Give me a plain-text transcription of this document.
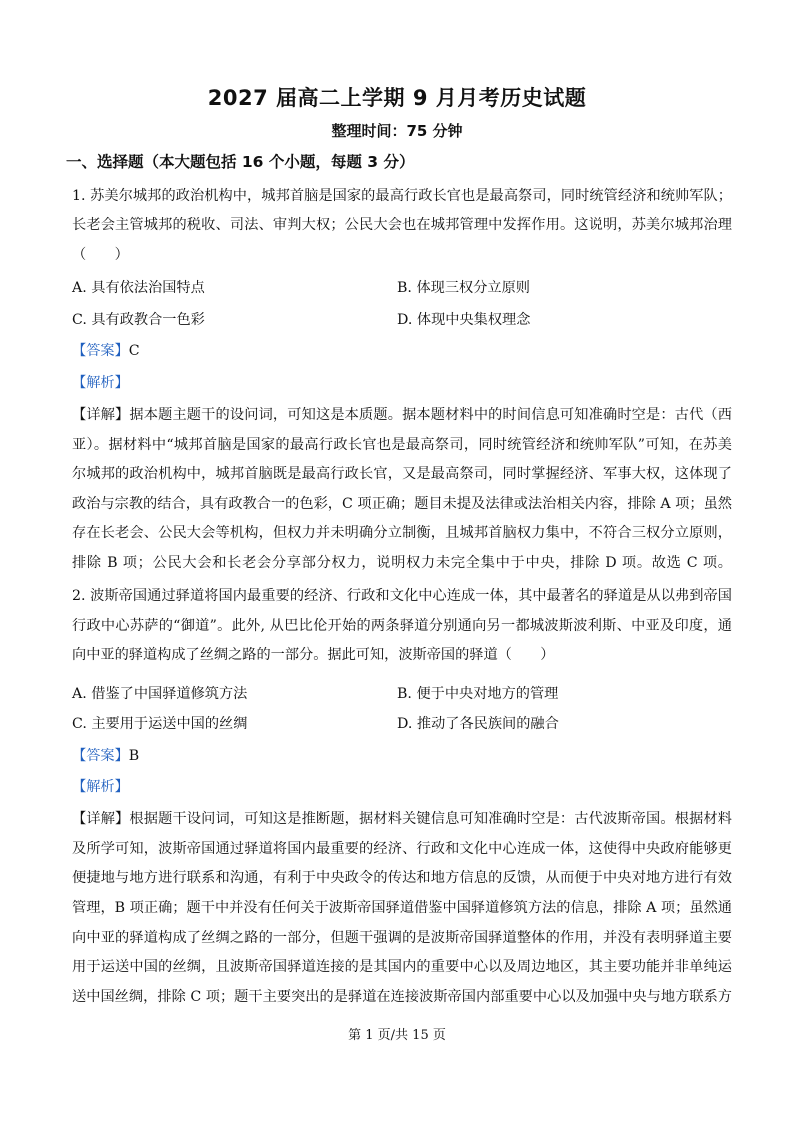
2027 届高二上学期 9 月月考历史试题
整理时间：75 分钟
一、选择题（本大题包括 16 个小题，每题 3 分）
1. 苏美尔城邦的政治机构中，城邦首脑是国家的最高行政长官也是最高祭司，同时统管经济和统帅军队；
长老会主管城邦的税收、司法、审判大权；公民大会也在城邦管理中发挥作用。这说明，苏美尔城邦治理
（　　）
A. 具有依法治国特点	B. 体现三权分立原则
C. 具有政教合一色彩	D. 体现中央集权理念
【答案】C
【解析】
【详解】据本题主题干的设问词，可知这是本质题。据本题材料中的时间信息可知准确时空是：古代（西
亚）。据材料中“城邦首脑是国家的最高行政长官也是最高祭司，同时统管经济和统帅军队”可知，在苏美
尔城邦的政治机构中，城邦首脑既是最高行政长官，又是最高祭司，同时掌握经济、军事大权，这体现了
政治与宗教的结合，具有政教合一的色彩，C 项正确；题目未提及法律或法治相关内容，排除 A 项；虽然
存在长老会、公民大会等机构，但权力并未明确分立制衡，且城邦首脑权力集中，不符合三权分立原则，
排除 B 项；公民大会和长老会分享部分权力，说明权力未完全集中于中央，排除 D 项。故选 C 项。
2. 波斯帝国通过驿道将国内最重要的经济、行政和文化中心连成一体，其中最著名的驿道是从以弗到帝国
行政中心苏萨的“御道”。此外, 从巴比伦开始的两条驿道分别通向另一都城波斯波利斯、中亚及印度，通
向中亚的驿道构成了丝绸之路的一部分。据此可知，波斯帝国的驿道（　　）
A. 借鉴了中国驿道修筑方法	B. 便于中央对地方的管理
C. 主要用于运送中国的丝绸	D. 推动了各民族间的融合
【答案】B
【解析】
【详解】根据题干设问词，可知这是推断题，据材料关键信息可知准确时空是：古代波斯帝国。根据材料
及所学可知，波斯帝国通过驿道将国内最重要的经济、行政和文化中心连成一体，这使得中央政府能够更
便捷地与地方进行联系和沟通，有利于中央政令的传达和地方信息的反馈，从而便于中央对地方进行有效
管理，B 项正确；题干中并没有任何关于波斯帝国驿道借鉴中国驿道修筑方法的信息，排除 A 项；虽然通
向中亚的驿道构成了丝绸之路的一部分，但题干强调的是波斯帝国驿道整体的作用，并没有表明驿道主要
用于运送中国的丝绸，且波斯帝国驿道连接的是其国内的重要中心以及周边地区，其主要功能并非单纯运
送中国丝绸，排除 C 项；题干主要突出的是驿道在连接波斯帝国内部重要中心以及加强中央与地方联系方
第 1 页/共 15 页
